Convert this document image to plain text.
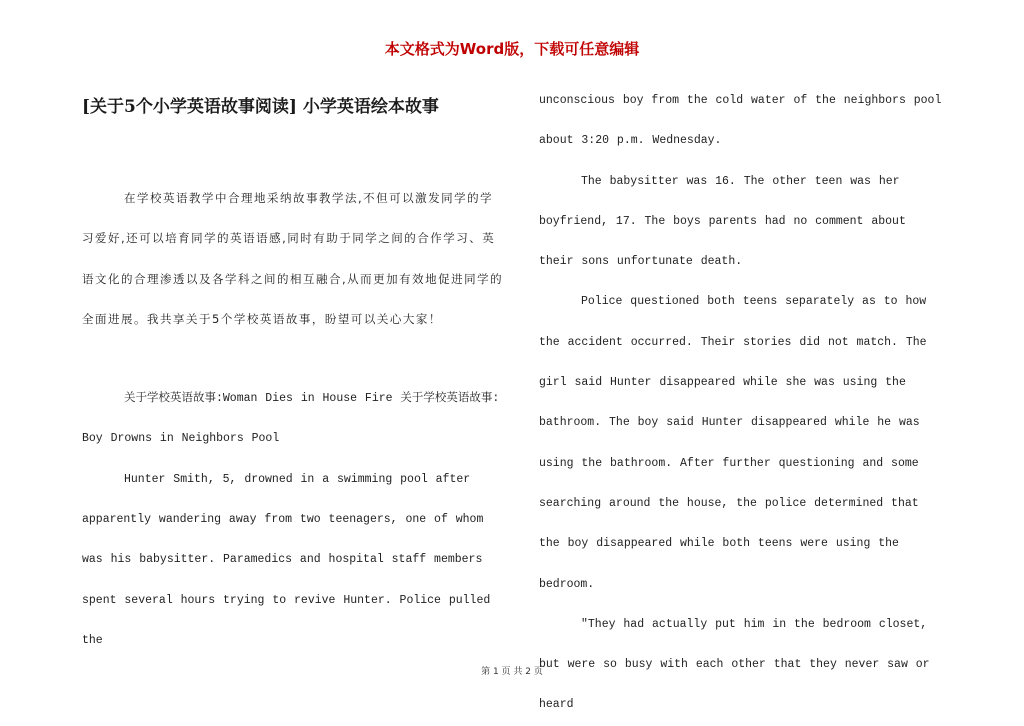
本文格式为Word版，下载可任意编辑
[关于5个小学英语故事阅读] 小学英语绘本故事

在学校英语教学中合理地采纳故事教学法,不但可以激发同学的学习爱好,还可以培育同学的英语语感,同时有助于同学之间的合作学习、英语文化的合理渗透以及各学科之间的相互融合,从而更加有效地促进同学的全面进展。我共享关于5个学校英语故事，盼望可以关心大家！

关于学校英语故事:Woman Dies in House Fire 关于学校英语故事: Boy Drowns in Neighbors Pool

Hunter Smith, 5, drowned in a swimming pool after apparently wandering away from two teenagers, one of whom was his babysitter. Paramedics and hospital staff members spent several hours trying to revive Hunter. Police pulled the

unconscious boy from the cold water of the neighbors pool about 3:20 p.m. Wednesday.

The babysitter was 16. The other teen was her boyfriend, 17. The boys parents had no comment about their sons unfortunate death.

Police questioned both teens separately as to how the accident occurred. Their stories did not match. The girl said Hunter disappeared while she was using the bathroom. The boy said Hunter disappeared while he was using the bathroom. After further questioning and some searching around the house, the police determined that the boy disappeared while both teens were using the bedroom.

"They had actually put him in the bedroom closet, but were so busy with each other that they never saw or heard

第 1 页 共 2 页
